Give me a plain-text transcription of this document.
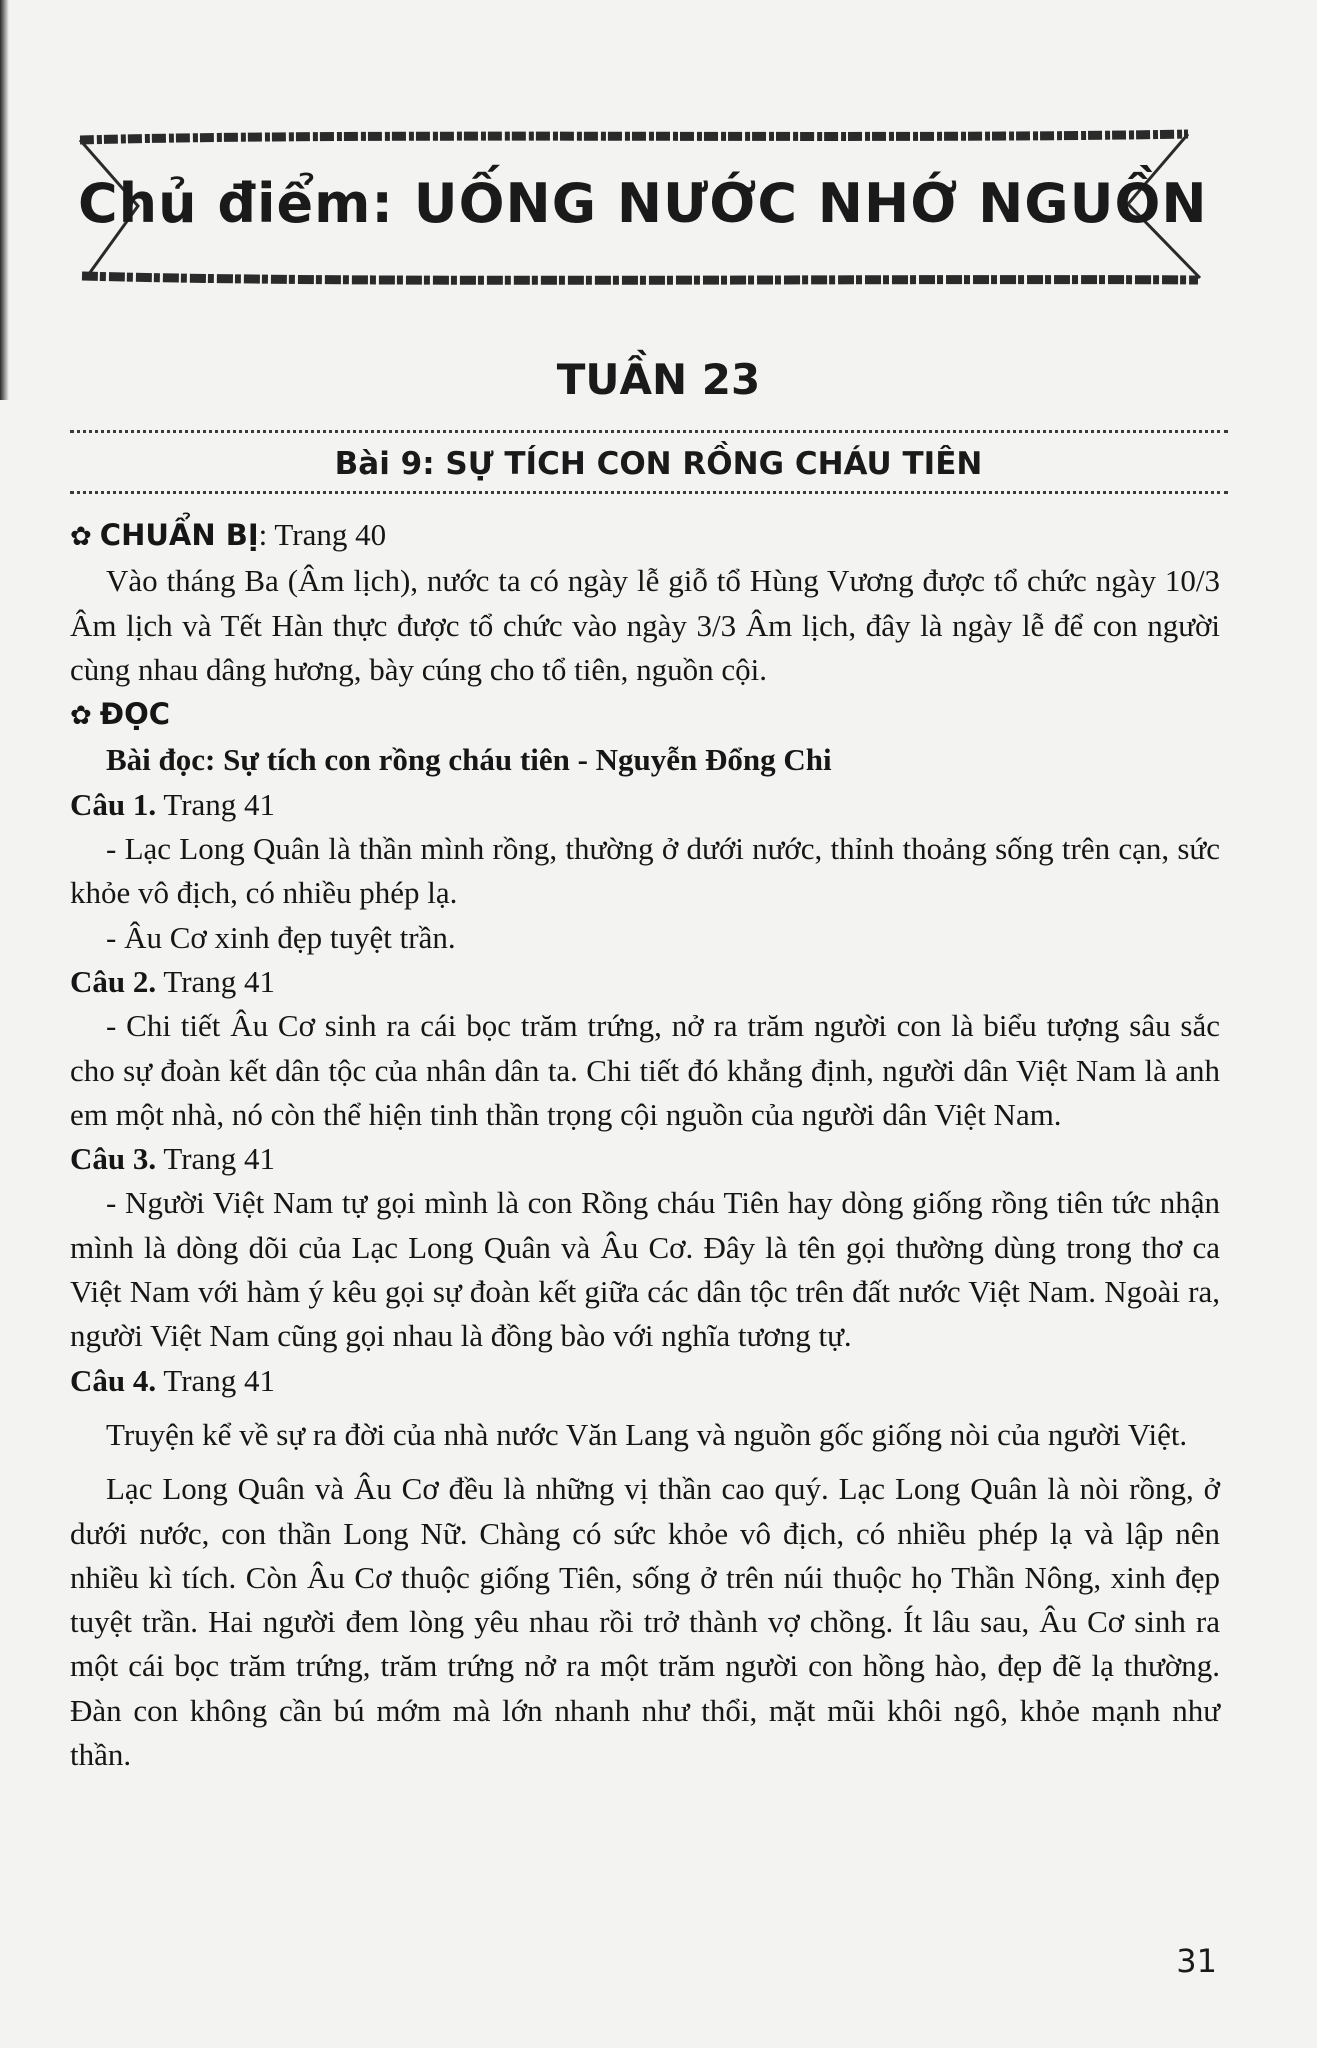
Chủ điểm: UỐNG NƯỚC NHỚ NGUỒN
TUẦN 23
Bài 9: SỰ TÍCH CON RỒNG CHÁU TIÊN
✿ CHUẨN BỊ: Trang 40

Vào tháng Ba (Âm lịch), nước ta có ngày lễ giỗ tổ Hùng Vương được tổ chức ngày 10/3 Âm lịch và Tết Hàn thực được tổ chức vào ngày 3/3 Âm lịch, đây là ngày lễ để con người cùng nhau dâng hương, bày cúng cho tổ tiên, nguồn cội.

✿ ĐỌC
Bài đọc: Sự tích con rồng cháu tiên - Nguyễn Đổng Chi
Câu 1. Trang 41

- Lạc Long Quân là thần mình rồng, thường ở dưới nước, thỉnh thoảng sống trên cạn, sức khỏe vô địch, có nhiều phép lạ.

- Âu Cơ xinh đẹp tuyệt trần.

Câu 2. Trang 41

- Chi tiết Âu Cơ sinh ra cái bọc trăm trứng, nở ra trăm người con là biểu tượng sâu sắc cho sự đoàn kết dân tộc của nhân dân ta. Chi tiết đó khẳng định, người dân Việt Nam là anh em một nhà, nó còn thể hiện tinh thần trọng cội nguồn của người dân Việt Nam.

Câu 3. Trang 41

- Người Việt Nam tự gọi mình là con Rồng cháu Tiên hay dòng giống rồng tiên tức nhận mình là dòng dõi của Lạc Long Quân và Âu Cơ. Đây là tên gọi thường dùng trong thơ ca Việt Nam với hàm ý kêu gọi sự đoàn kết giữa các dân tộc trên đất nước Việt Nam. Ngoài ra, người Việt Nam cũng gọi nhau là đồng bào với nghĩa tương tự.

Câu 4. Trang 41

Truyện kể về sự ra đời của nhà nước Văn Lang và nguồn gốc giống nòi của người Việt.

Lạc Long Quân và Âu Cơ đều là những vị thần cao quý. Lạc Long Quân là nòi rồng, ở dưới nước, con thần Long Nữ. Chàng có sức khỏe vô địch, có nhiều phép lạ và lập nên nhiều kì tích. Còn Âu Cơ thuộc giống Tiên, sống ở trên núi thuộc họ Thần Nông, xinh đẹp tuyệt trần. Hai người đem lòng yêu nhau rồi trở thành vợ chồng. Ít lâu sau, Âu Cơ sinh ra một cái bọc trăm trứng, trăm trứng nở ra một trăm người con hồng hào, đẹp đẽ lạ thường. Đàn con không cần bú mớm mà lớn nhanh như thổi, mặt mũi khôi ngô, khỏe mạnh như thần.

31
